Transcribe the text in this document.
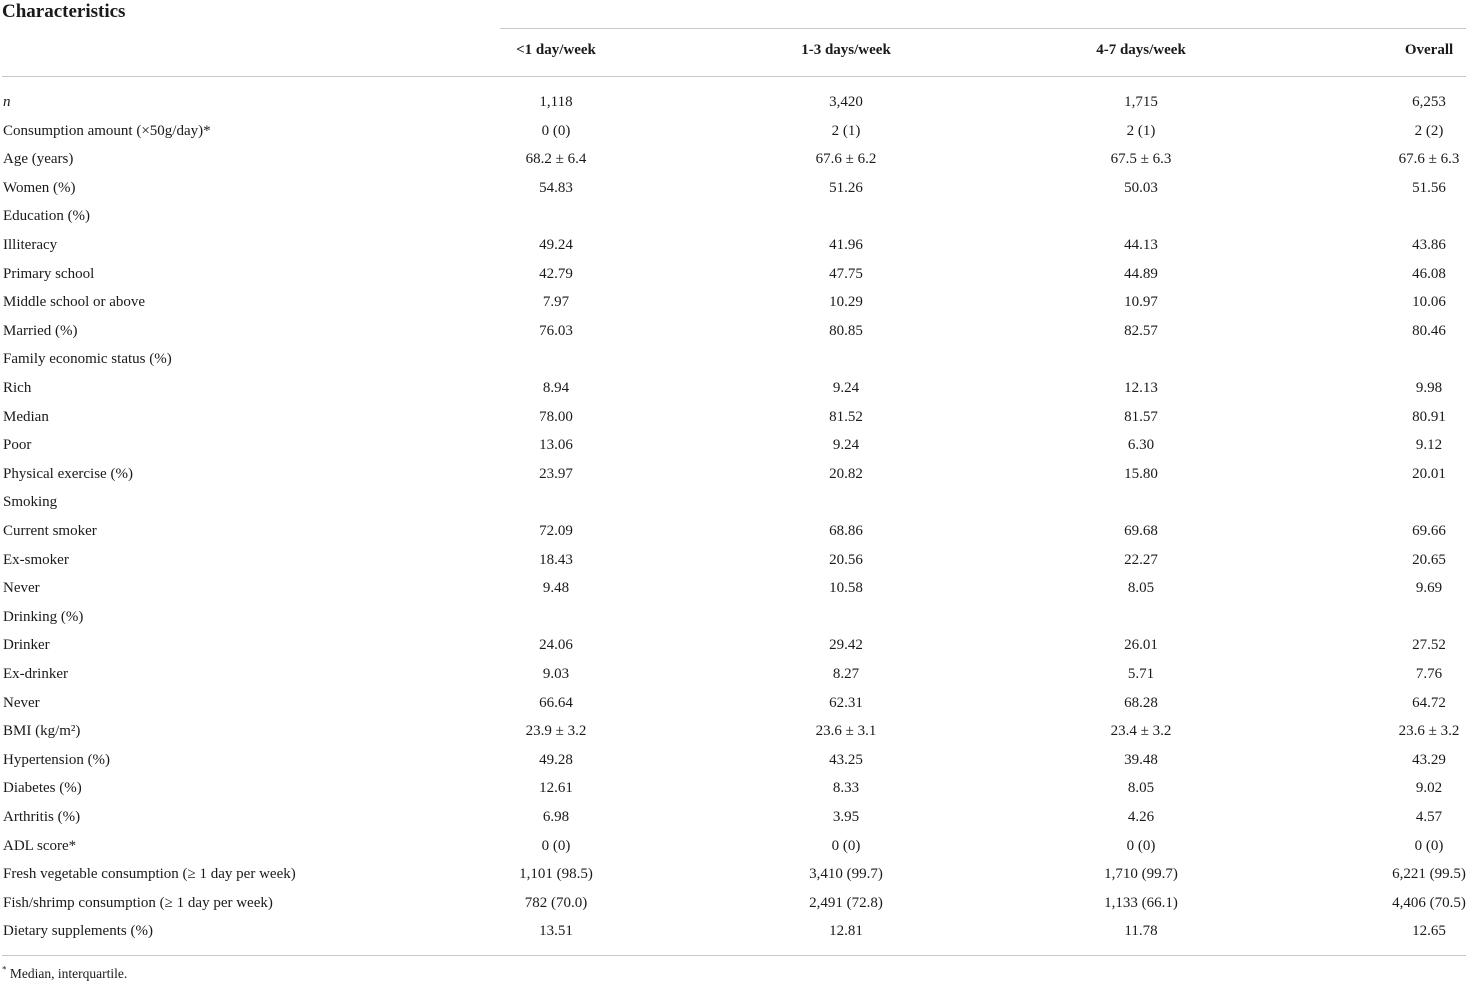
Characteristics
<1 day/week	1-3 days/week	4-7 days/week	Overall
n	1,118	3,420	1,715	6,253
Consumption amount (×50g/day)*	0 (0)	2 (1)	2 (1)	2 (2)
Age (years)	68.2 ± 6.4	67.6 ± 6.2	67.5 ± 6.3	67.6 ± 6.3
Women (%)	54.83	51.26	50.03	51.56
Education (%)
Illiteracy	49.24	41.96	44.13	43.86
Primary school	42.79	47.75	44.89	46.08
Middle school or above	7.97	10.29	10.97	10.06
Married (%)	76.03	80.85	82.57	80.46
Family economic status (%)
Rich	8.94	9.24	12.13	9.98
Median	78.00	81.52	81.57	80.91
Poor	13.06	9.24	6.30	9.12
Physical exercise (%)	23.97	20.82	15.80	20.01
Smoking
Current smoker	72.09	68.86	69.68	69.66
Ex-smoker	18.43	20.56	22.27	20.65
Never	9.48	10.58	8.05	9.69
Drinking (%)
Drinker	24.06	29.42	26.01	27.52
Ex-drinker	9.03	8.27	5.71	7.76
Never	66.64	62.31	68.28	64.72
BMI (kg/m²)	23.9 ± 3.2	23.6 ± 3.1	23.4 ± 3.2	23.6 ± 3.2
Hypertension (%)	49.28	43.25	39.48	43.29
Diabetes (%)	12.61	8.33	8.05	9.02
Arthritis (%)	6.98	3.95	4.26	4.57
ADL score*	0 (0)	0 (0)	0 (0)	0 (0)
Fresh vegetable consumption (≥ 1 day per week)	1,101 (98.5)	3,410 (99.7)	1,710 (99.7)	6,221 (99.5)
Fish/shrimp consumption (≥ 1 day per week)	782 (70.0)	2,491 (72.8)	1,133 (66.1)	4,406 (70.5)
Dietary supplements (%)	13.51	12.81	11.78	12.65
* Median, interquartile.
